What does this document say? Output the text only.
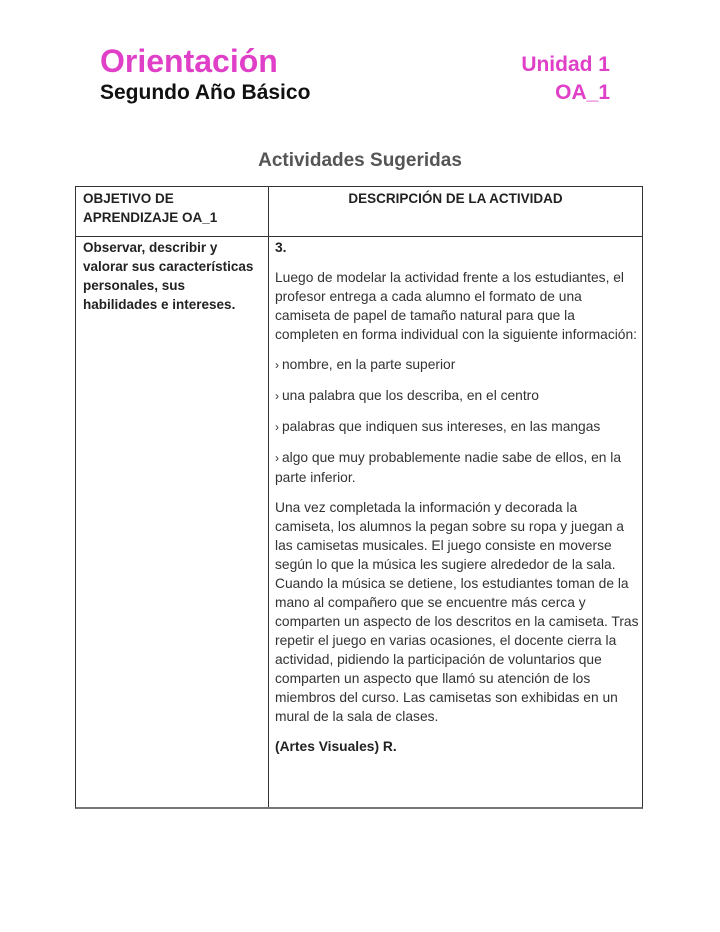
Orientación
Segundo Año Básico
Unidad 1
OA_1
Actividades Sugeridas
OBJETIVO DE APRENDIZAJE OA_1
DESCRIPCIÓN DE LA ACTIVIDAD
Observar, describir y valorar sus características personales, sus habilidades e intereses.

3.

Luego de modelar la actividad frente a los estudiantes, el profesor entrega a cada alumno el formato de una camiseta de papel de tamaño natural para que la completen en forma individual con la siguiente información:

› nombre, en la parte superior

› una palabra que los describa, en el centro

› palabras que indiquen sus intereses, en las mangas

› algo que muy probablemente nadie sabe de ellos, en la parte inferior.

Una vez completada la información y decorada la camiseta, los alumnos la pegan sobre su ropa y juegan a las camisetas musicales. El juego consiste en moverse según lo que la música les sugiere alrededor de la sala. Cuando la música se detiene, los estudiantes toman de la mano al compañero que se encuentre más cerca y comparten un aspecto de los descritos en la camiseta. Tras repetir el juego en varias ocasiones, el docente cierra la actividad, pidiendo la participación de voluntarios que comparten un aspecto que llamó su atención de los miembros del curso. Las camisetas son exhibidas en un mural de la sala de clases.

(Artes Visuales) R.
